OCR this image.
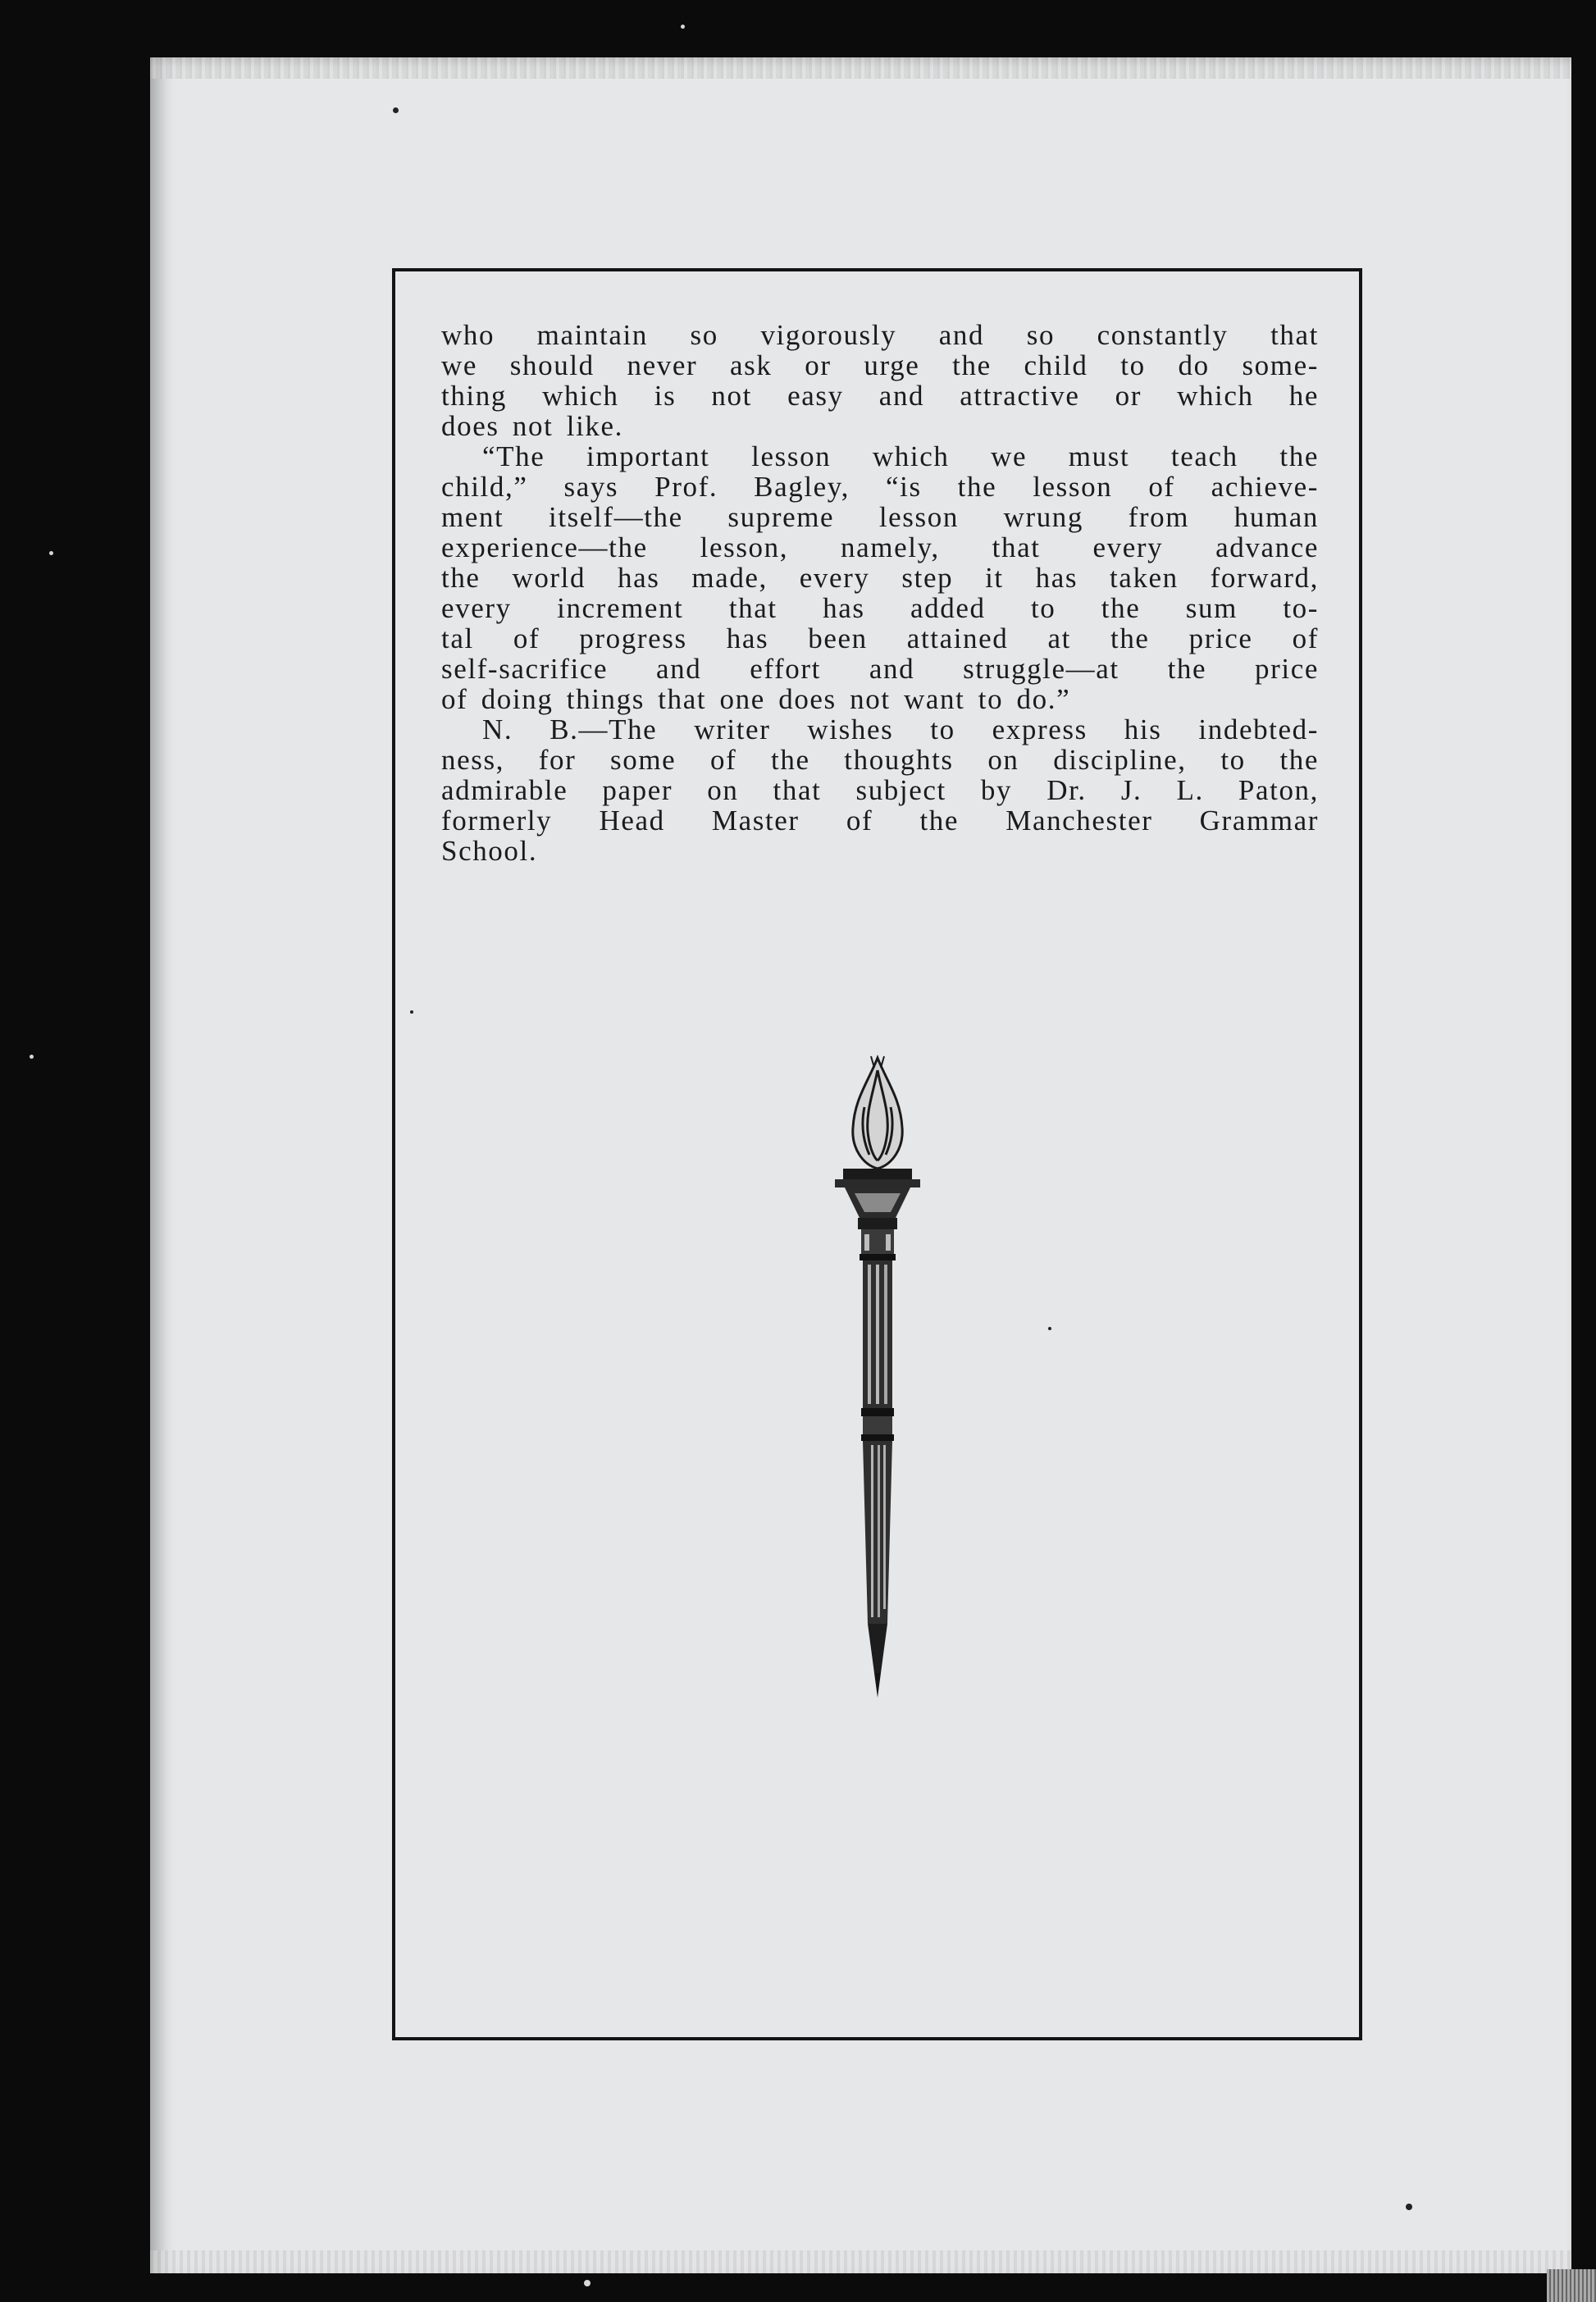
who maintain so vigorously and so constantly that
we should never ask or urge the child to do some-
thing which is not easy and attractive or which he
does not like.
“The important lesson which we must teach the
child,” says Prof. Bagley, “is the lesson of achieve-
ment itself—the supreme lesson wrung from human
experience—the lesson, namely, that every advance
the world has made, every step it has taken forward,
every increment that has added to the sum to-
tal of progress has been attained at the price of
self-sacrifice and effort and struggle—at the price
of doing things that one does not want to do.”
N. B.—The writer wishes to express his indebted-
ness, for some of the thoughts on discipline, to the
admirable paper on that subject by Dr. J. L. Paton,
formerly Head Master of the Manchester Grammar
School.
